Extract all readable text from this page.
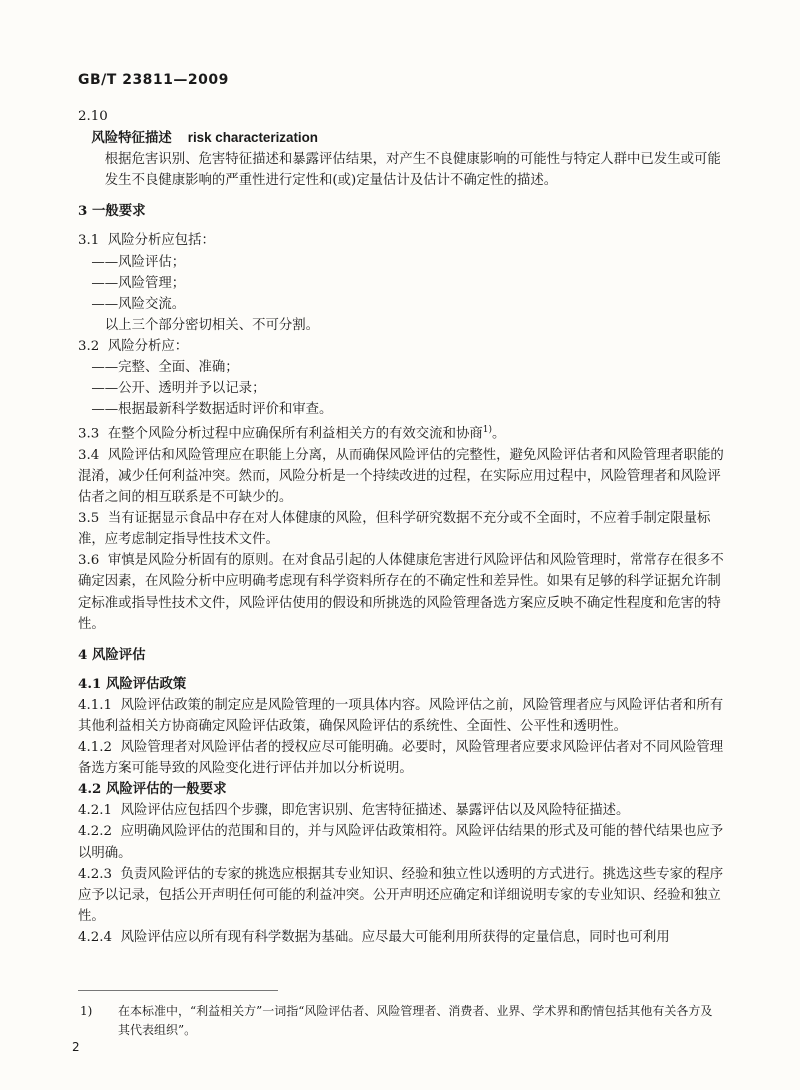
GB/T 23811—2009

2.10

风险特征描述 risk characterization

根据危害识别、危害特征描述和暴露评估结果，对产生不良健康影响的可能性与特定人群中已发生或可能发生不良健康影响的严重性进行定性和(或)定量估计及估计不确定性的描述。

3 一般要求

3.1 风险分析应包括：

——风险评估；

——风险管理；

——风险交流。

以上三个部分密切相关、不可分割。

3.2 风险分析应：

——完整、全面、准确；

——公开、透明并予以记录；

——根据最新科学数据适时评价和审查。

3.3 在整个风险分析过程中应确保所有利益相关方的有效交流和协商$^{1)}$。

3.4 风险评估和风险管理应在职能上分离，从而确保风险评估的完整性，避免风险评估者和风险管理者职能的混淆，减少任何利益冲突。然而，风险分析是一个持续改进的过程，在实际应用过程中，风险管理者和风险评估者之间的相互联系是不可缺少的。

3.5 当有证据显示食品中存在对人体健康的风险，但科学研究数据不充分或不全面时，不应着手制定限量标准，应考虑制定指导性技术文件。

3.6 审慎是风险分析固有的原则。在对食品引起的人体健康危害进行风险评估和风险管理时，常常存在很多不确定因素，在风险分析中应明确考虑现有科学资料所存在的不确定性和差异性。如果有足够的科学证据允许制定标准或指导性技术文件，风险评估使用的假设和所挑选的风险管理备选方案应反映不确定性程度和危害的特性。

4 风险评估

4.1 风险评估政策

4.1.1 风险评估政策的制定应是风险管理的一项具体内容。风险评估之前，风险管理者应与风险评估者和所有其他利益相关方协商确定风险评估政策，确保风险评估的系统性、全面性、公平性和透明性。

4.1.2 风险管理者对风险评估者的授权应尽可能明确。必要时，风险管理者应要求风险评估者对不同风险管理备选方案可能导致的风险变化进行评估并加以分析说明。

4.2 风险评估的一般要求

4.2.1 风险评估应包括四个步骤，即危害识别、危害特征描述、暴露评估以及风险特征描述。

4.2.2 应明确风险评估的范围和目的，并与风险评估政策相符。风险评估结果的形式及可能的替代结果也应予以明确。

4.2.3 负责风险评估的专家的挑选应根据其专业知识、经验和独立性以透明的方式进行。挑选这些专家的程序应予以记录，包括公开声明任何可能的利益冲突。公开声明还应确定和详细说明专家的专业知识、经验和独立性。

4.2.4 风险评估应以所有现有科学数据为基础。应尽最大可能利用所获得的定量信息，同时也可利用

1)	在本标准中，“利益相关方”一词指“风险评估者、风险管理者、消费者、业界、学术界和酌情包括其他有关各方及其代表组织”。
2
